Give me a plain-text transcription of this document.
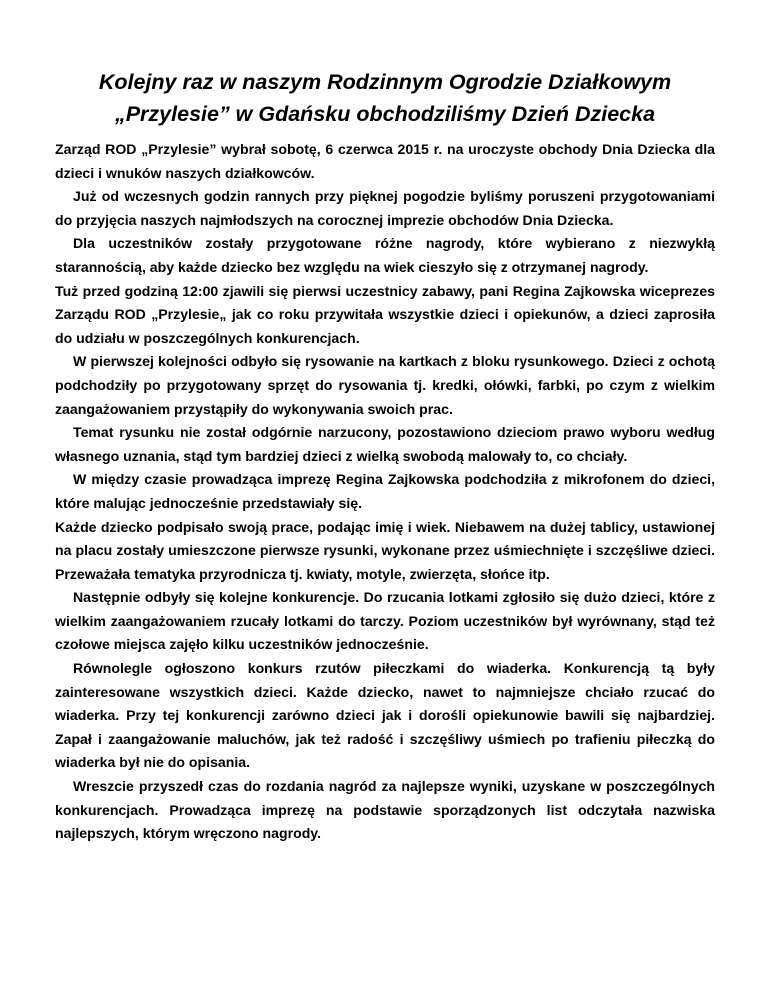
Kolejny raz w naszym Rodzinnym Ogrodzie Działkowym
„Przylesie” w Gdańsku obchodziliśmy Dzień Dziecka

Zarząd ROD „Przylesie” wybrał sobotę, 6 czerwca 2015 r. na uroczyste obchody Dnia Dziecka dla dzieci i wnuków naszych działkowców.

Już od wczesnych godzin rannych przy pięknej pogodzie byliśmy poruszeni przygotowaniami do przyjęcia naszych najmłodszych na corocznej imprezie obchodów Dnia Dziecka.

Dla uczestników zostały przygotowane różne nagrody, które wybierano z niezwykłą starannością, aby każde dziecko bez względu na wiek cieszyło się z otrzymanej nagrody.

Tuż przed godziną 12:00 zjawili się pierwsi uczestnicy zabawy, pani Regina Zajkowska wiceprezes Zarządu ROD „Przylesie„ jak co roku przywitała wszystkie dzieci i opiekunów, a dzieci zaprosiła do udziału w poszczególnych konkurencjach.

W pierwszej kolejności odbyło się rysowanie na kartkach z bloku rysunkowego. Dzieci z ochotą podchodziły po przygotowany sprzęt do rysowania tj. kredki, ołówki, farbki, po czym z wielkim zaangażowaniem przystąpiły do wykonywania swoich prac.

Temat rysunku nie został odgórnie narzucony, pozostawiono dzieciom prawo wyboru według własnego uznania, stąd tym bardziej dzieci z wielką swobodą malowały to, co chciały.

W między czasie prowadząca imprezę Regina Zajkowska podchodziła z mikrofonem do dzieci, które malując jednocześnie przedstawiały się.

Każde dziecko podpisało swoją prace, podając imię i wiek. Niebawem na dużej tablicy, ustawionej na placu zostały umieszczone pierwsze rysunki, wykonane przez uśmiechnięte i szczęśliwe dzieci. Przeważała tematyka przyrodnicza tj. kwiaty, motyle, zwierzęta, słońce itp.

Następnie odbyły się kolejne konkurencje. Do rzucania lotkami zgłosiło się dużo dzieci, które z wielkim zaangażowaniem rzucały lotkami do tarczy. Poziom uczestników był wyrównany, stąd też czołowe miejsca zajęło kilku uczestników jednocześnie.

Równolegle ogłoszono konkurs rzutów piłeczkami do wiaderka. Konkurencją tą były zainteresowane wszystkich dzieci. Każde dziecko, nawet to najmniejsze chciało rzucać do wiaderka. Przy tej konkurencji zarówno dzieci jak i dorośli opiekunowie bawili się najbardziej. Zapał i zaangażowanie maluchów, jak też radość i szczęśliwy uśmiech po trafieniu piłeczką do wiaderka był nie do opisania.

Wreszcie przyszedł czas do rozdania nagród za najlepsze wyniki, uzyskane w poszczególnych konkurencjach. Prowadząca imprezę na podstawie sporządzonych list odczytała nazwiska najlepszych, którym wręczono nagrody.
